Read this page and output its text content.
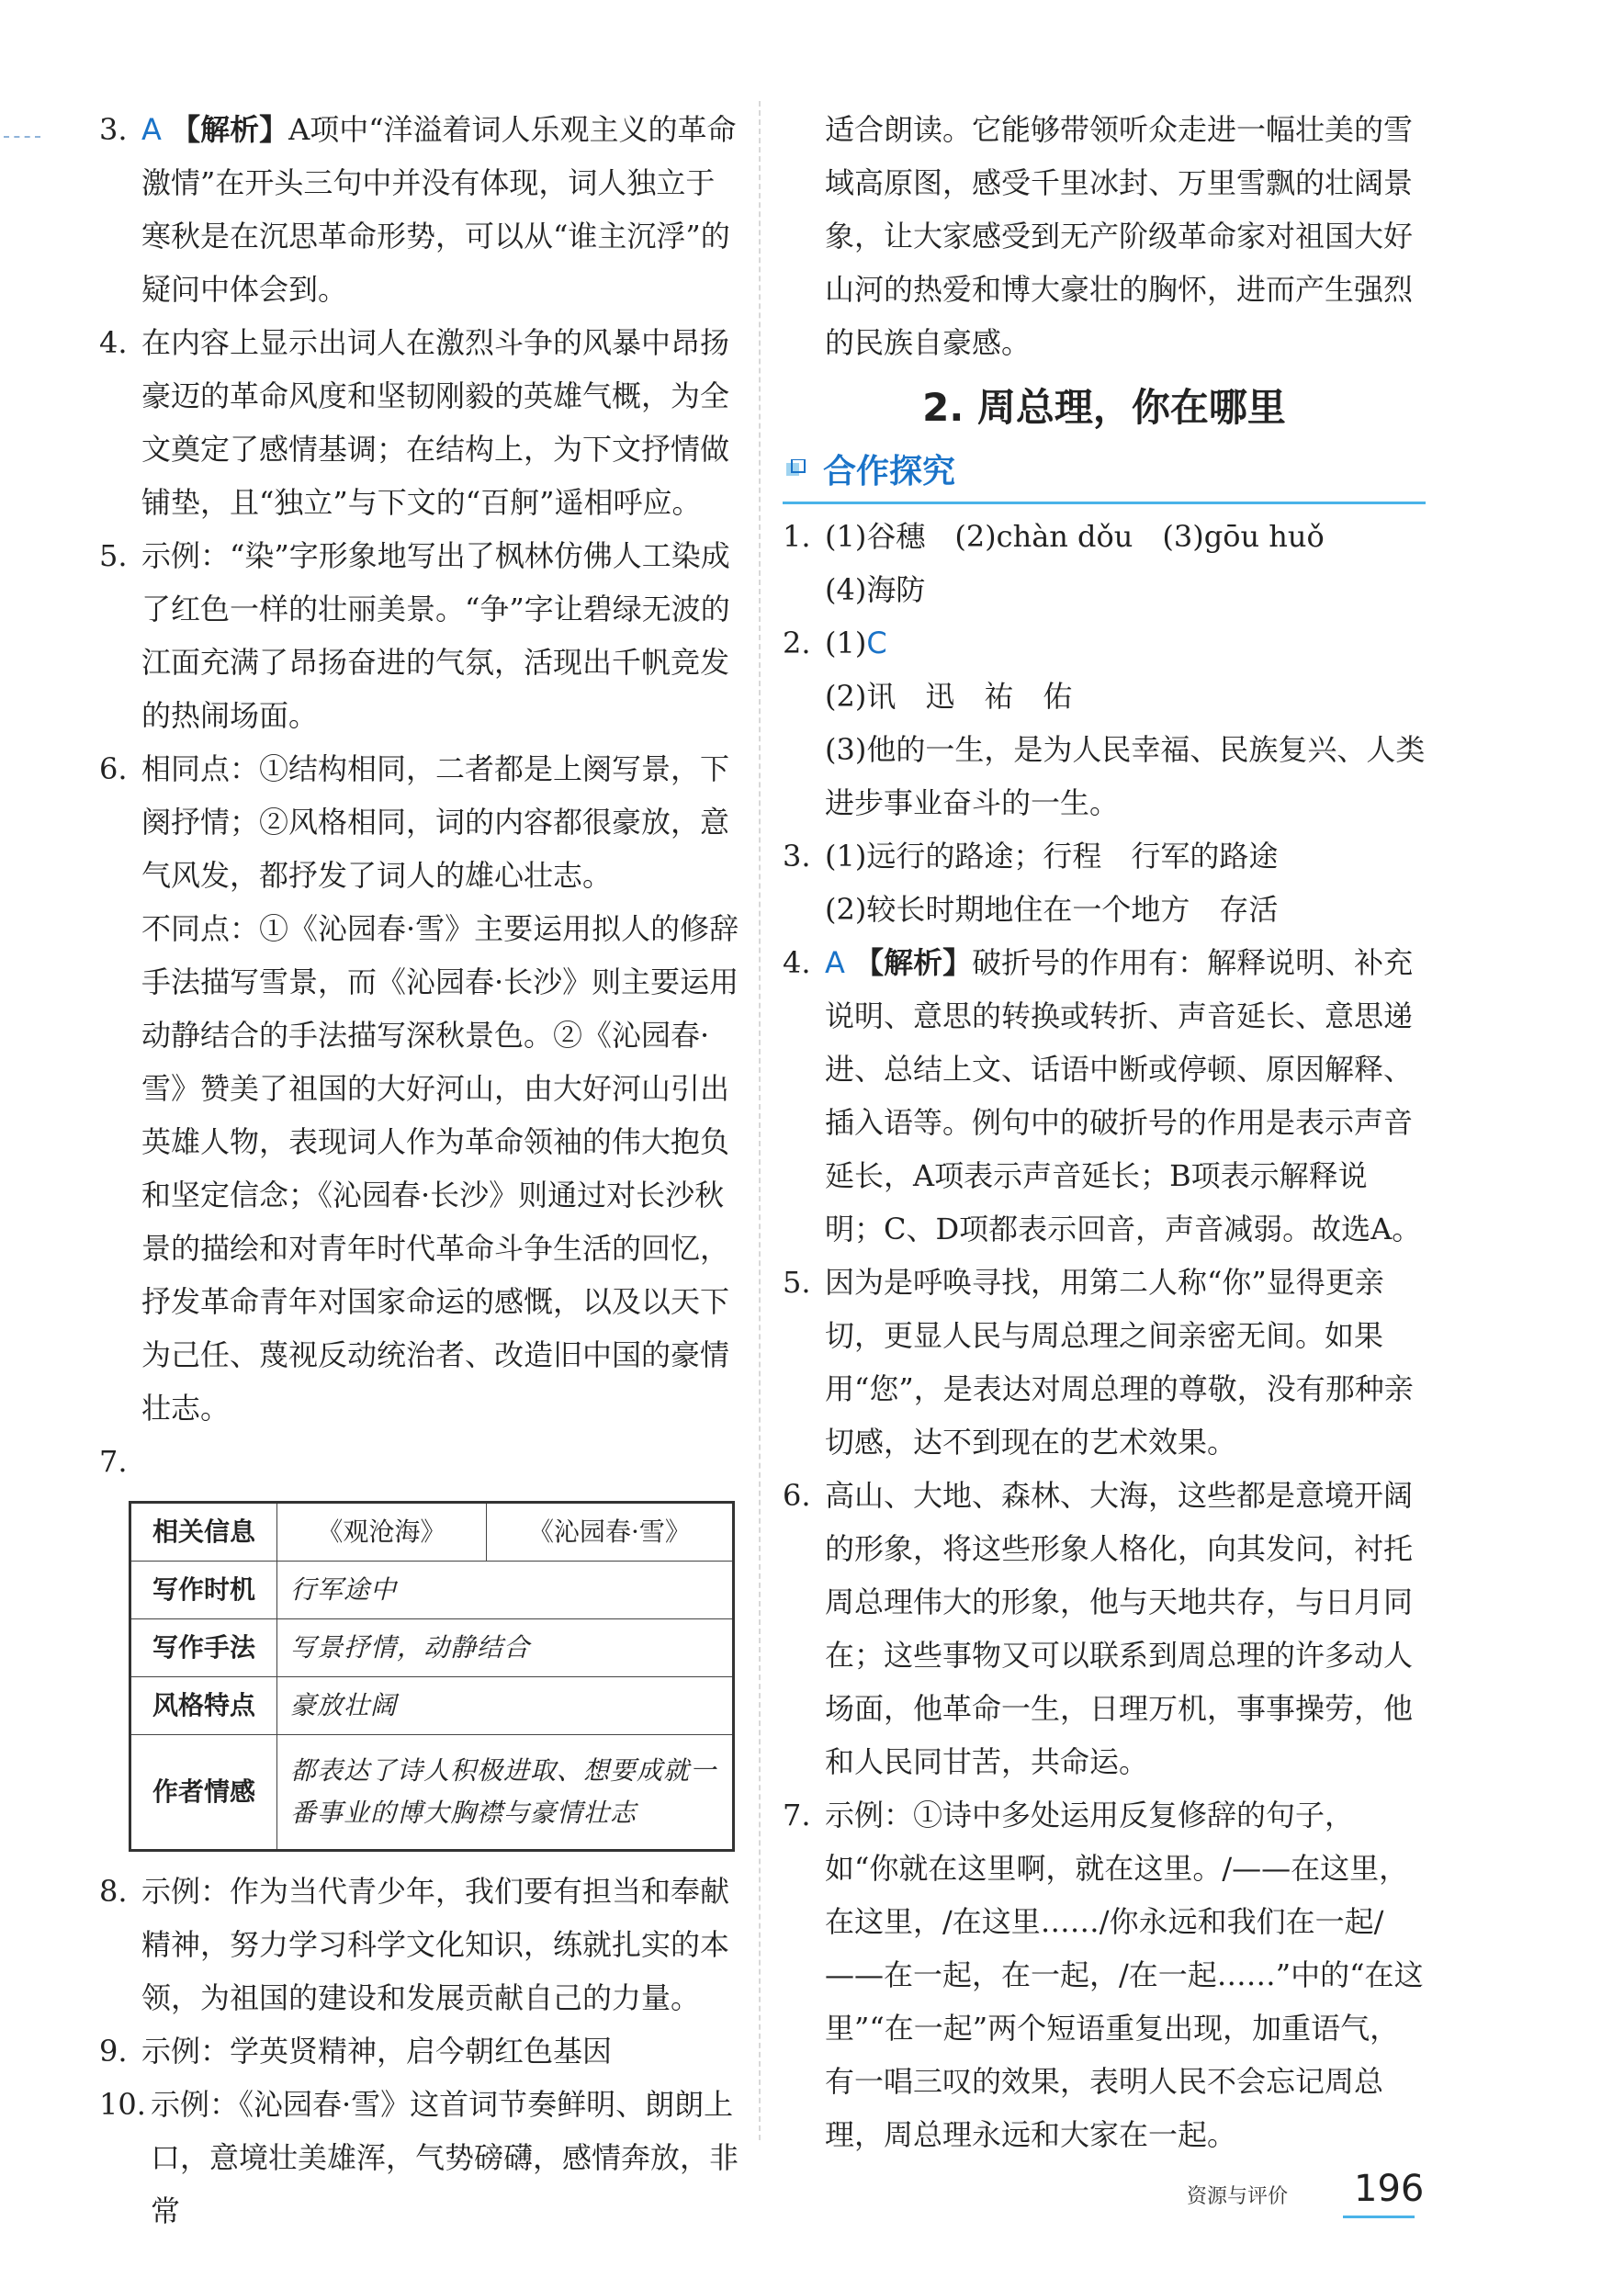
3. A 【解析】A项中“洋溢着词人乐观主义的革命激情”在开头三句中并没有体现，词人独立于寒秋是在沉思革命形势，可以从“谁主沉浮”的疑问中体会到。

4. 在内容上显示出词人在激烈斗争的风暴中昂扬豪迈的革命风度和坚韧刚毅的英雄气概，为全文奠定了感情基调；在结构上，为下文抒情做铺垫，且“独立”与下文的“百舸”遥相呼应。

5. 示例：“染”字形象地写出了枫林仿佛人工染成了红色一样的壮丽美景。“争”字让碧绿无波的江面充满了昂扬奋进的气氛，活现出千帆竞发的热闹场面。

6. 相同点：①结构相同，二者都是上阕写景，下阕抒情；②风格相同，词的内容都很豪放，意气风发，都抒发了词人的雄心壮志。

不同点：①《沁园春·雪》主要运用拟人的修辞手法描写雪景，而《沁园春·长沙》则主要运用动静结合的手法描写深秋景色。②《沁园春·雪》赞美了祖国的大好河山，由大好河山引出英雄人物，表现词人作为革命领袖的伟大抱负和坚定信念；《沁园春·长沙》则通过对长沙秋景的描绘和对青年时代革命斗争生活的回忆，抒发革命青年对国家命运的感慨，以及以天下为己任、蔑视反动统治者、改造旧中国的豪情壮志。

7.

相关信息	《观沧海》	《沁园春·雪》
写作时机	行军途中	
写作手法	写景抒情，动静结合	
风格特点	豪放壮阔	
作者情感	都表达了诗人积极进取、想要成就一番事业的博大胸襟与豪情壮志	
8. 示例：作为当代青少年，我们要有担当和奉献精神，努力学习科学文化知识，练就扎实的本领，为祖国的建设和发展贡献自己的力量。

9. 示例：学英贤精神，启今朝红色基因

10. 示例：《沁园春·雪》这首词节奏鲜明、朗朗上口，意境壮美雄浑，气势磅礴，感情奔放，非常

适合朗读。它能够带领听众走进一幅壮美的雪域高原图，感受千里冰封、万里雪飘的壮阔景象，让大家感受到无产阶级革命家对祖国大好山河的热爱和博大豪壮的胸怀，进而产生强烈的民族自豪感。

2. 周总理，你在哪里
合作探究
1. (1)谷穗　(2)chàn dǒu　(3)gōu huǒ

(4)海防

2. (1)C

(2)讯　迅　祐　佑

(3)他的一生，是为人民幸福、民族复兴、人类进步事业奋斗的一生。

3. (1)远行的路途；行程　行军的路途

(2)较长时期地住在一个地方　存活

4. A 【解析】破折号的作用有：解释说明、补充说明、意思的转换或转折、声音延长、意思递进、总结上文、话语中断或停顿、原因解释、插入语等。例句中的破折号的作用是表示声音延长，A项表示声音延长；B项表示解释说明；C、D项都表示回音，声音减弱。故选A。

5. 因为是呼唤寻找，用第二人称“你”显得更亲切，更显人民与周总理之间亲密无间。如果用“您”，是表达对周总理的尊敬，没有那种亲切感，达不到现在的艺术效果。

6. 高山、大地、森林、大海，这些都是意境开阔的形象，将这些形象人格化，向其发问，衬托周总理伟大的形象，他与天地共存，与日月同在；这些事物又可以联系到周总理的许多动人场面，他革命一生，日理万机，事事操劳，他和人民同甘苦，共命运。

7. 示例：①诗中多处运用反复修辞的句子，如“你就在这里啊，就在这里。/——在这里，在这里，/在这里……/你永远和我们在一起/——在一起，在一起，/在一起……”中的“在这里”“在一起”两个短语重复出现，加重语气，有一唱三叹的效果，表明人民不会忘记周总理，周总理永远和大家在一起。

资源与评价 196
